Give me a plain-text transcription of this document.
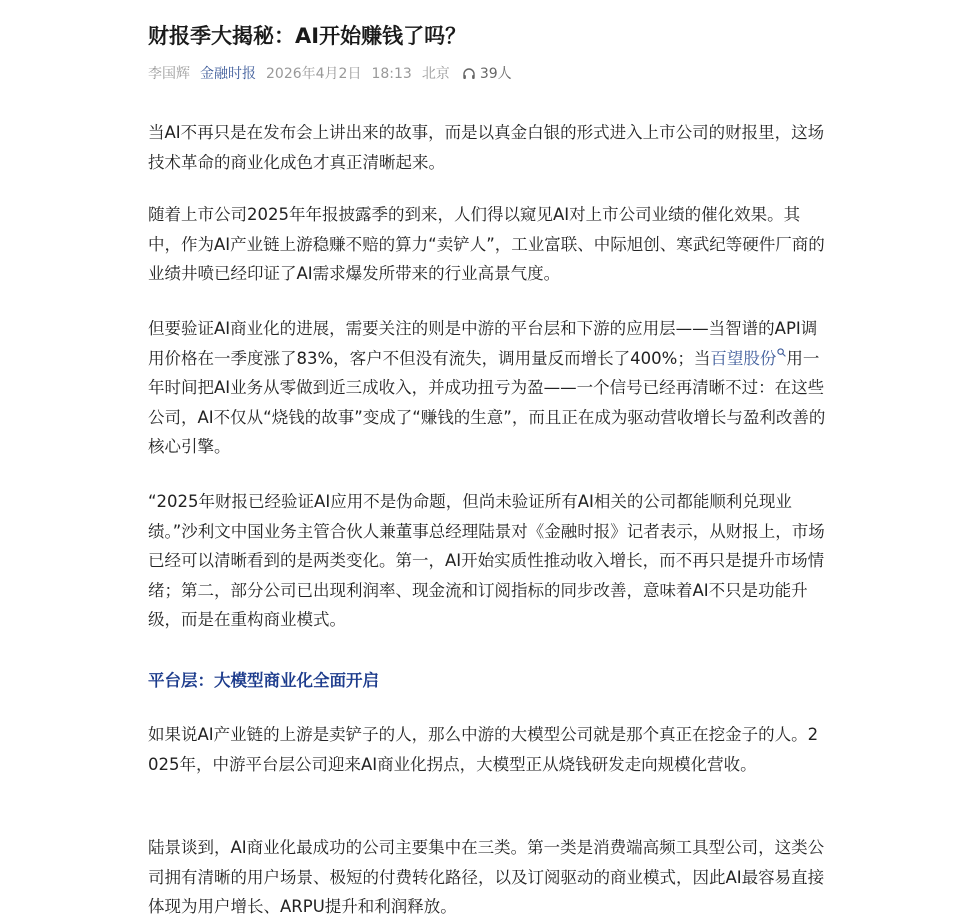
财报季大揭秘：AI开始赚钱了吗？
李国辉 金融时报 2026年4月2日 18:13 北京 39人

当AI不再只是在发布会上讲出来的故事，而是以真金白银的形式进入上市公司的财报里，这场技术革命的商业化成色才真正清晰起来。

随着上市公司2025年年报披露季的到来，人们得以窥见AI对上市公司业绩的催化效果。其中，作为AI产业链上游稳赚不赔的算力“卖铲人”，工业富联、中际旭创、寒武纪等硬件厂商的业绩井喷已经印证了AI需求爆发所带来的行业高景气度。

但要验证AI商业化的进展，需要关注的则是中游的平台层和下游的应用层——当智谱的API调用价格在一季度涨了83%，客户不但没有流失，调用量反而增长了400%；当百望股份 用一年时间把AI业务从零做到近三成收入，并成功扭亏为盈——一个信号已经再清晰不过：在这些公司，AI不仅从“烧钱的故事”变成了“赚钱的生意”，而且正在成为驱动营收增长与盈利改善的核心引擎。

“2025年财报已经验证AI应用不是伪命题，但尚未验证所有AI相关的公司都能顺利兑现业绩。”沙利文中国业务主管合伙人兼董事总经理陆景对《金融时报》记者表示，从财报上，市场已经可以清晰看到的是两类变化。第一，AI开始实质性推动收入增长，而不再只是提升市场情绪；第二，部分公司已出现利润率、现金流和订阅指标的同步改善，意味着AI不只是功能升级，而是在重构商业模式。

平台层：大模型商业化全面开启

如果说AI产业链的上游是卖铲子的人，那么中游的大模型公司就是那个真正在挖金子的人。2025年，中游平台层公司迎来AI商业化拐点，大模型正从烧钱研发走向规模化营收。

陆景谈到，AI商业化最成功的公司主要集中在三类。第一类是消费端高频工具型公司，这类公司拥有清晰的用户场景、极短的付费转化路径，以及订阅驱动的商业模式，因此AI最容易直接体现为用户增长、ARPU提升和利润释放。
